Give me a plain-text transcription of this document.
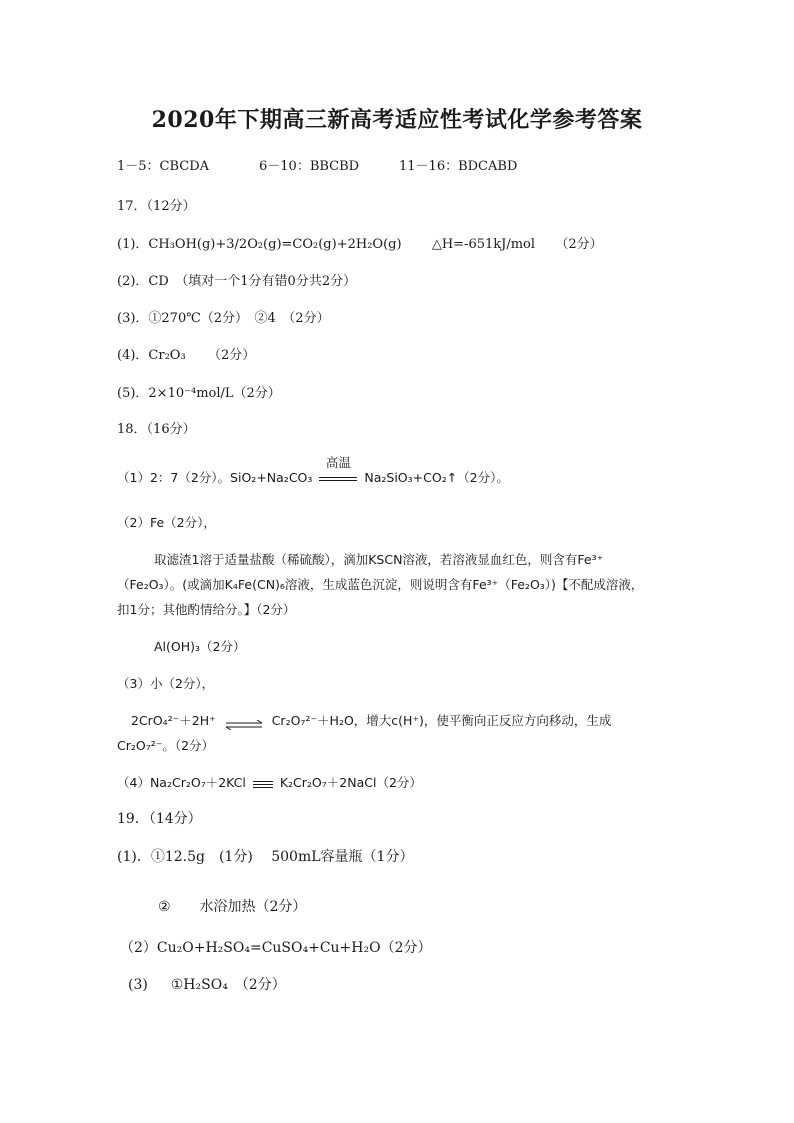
2020年下期高三新高考适应性考试化学参考答案
1－5：CBCDA	6－10：BBCBD	11－16：BDCABD
17．（12分）
(1)．CH₃OH(g)+3/2O₂(g)=CO₂(g)+2H₂O(g) △H=-651kJ/mol （2分）
(2)．CD　（填对一个1分有错0分共2分）
(3)．①270℃（2分）　②4　（2分）
(4)．Cr₂O₃ （2分）
(5)．2×10⁻⁴mol/L（2分）
18．（16分）
（1）2：7（2分）。SiO₂+Na₂CO₃
高温
Na₂SiO₃+CO₂↑（2分）。
（2）Fe（2分），
取滤渣1溶于适量盐酸（稀硫酸），滴加KSCN溶液，若溶液显血红色，则含有Fe³⁺
（Fe₂O₃）。(或滴加K₄Fe(CN)₆溶液，生成蓝色沉淀，则说明含有Fe³⁺（Fe₂O₃）)【不配成溶液，
扣1分；其他酌情给分。】（2分）
Al(OH)₃（2分）
（3）小（2分），
2CrO₄²⁻＋2H⁺ ⇌ Cr₂O₇²⁻＋H₂O，增大c(H⁺)，使平衡向正反应方向移动，生成
Cr₂O₇²⁻。（2分）
（4）Na₂Cr₂O₇＋2KCl	K₂Cr₂O₇＋2NaCl（2分）
19．（14分）
(1)．①12.5g　(1分)　 500mL容量瓶（1分）
② 水浴加热（2分）
（2）Cu₂O+H₂SO₄=CuSO₄+Cu+H₂O（2分）
(3) ①H₂SO₄　（2分）
